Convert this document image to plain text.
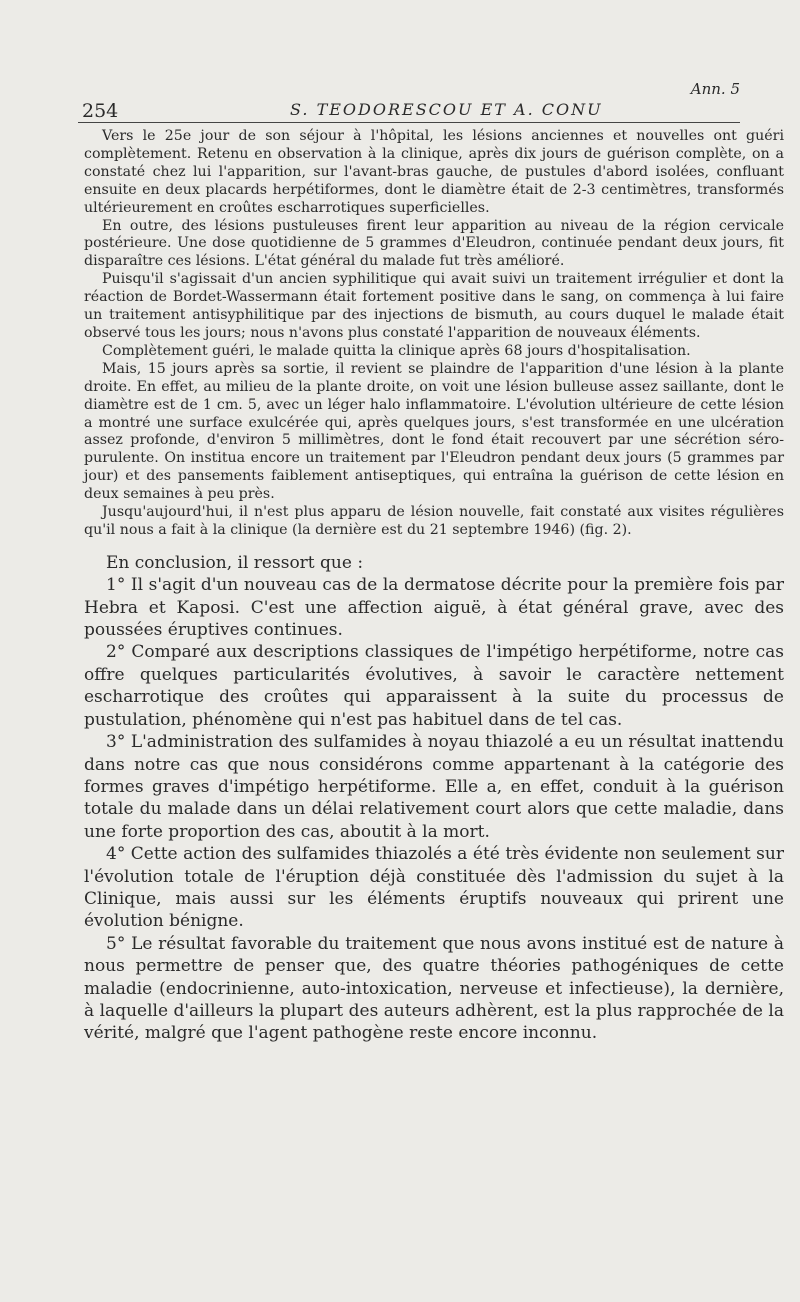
Ann. 5
254	S. TEODORESCOU ET A. CONU

Vers le 25e jour de son séjour à l'hôpital, les lésions anciennes et nouvelles ont guéri complètement. Retenu en observation à la clinique, après dix jours de guérison complète, on a constaté chez lui l'apparition, sur l'avant-bras gauche, de pustules d'abord isolées, confluant ensuite en deux placards herpétiformes, dont le diamètre était de 2-3 centimètres, transformés ultérieurement en croûtes escharrotiques superficielles.

En outre, des lésions pustuleuses firent leur apparition au niveau de la région cervicale postérieure. Une dose quotidienne de 5 grammes d'Eleudron, continuée pendant deux jours, fit disparaître ces lésions. L'état général du malade fut très amélioré.

Puisqu'il s'agissait d'un ancien syphilitique qui avait suivi un traitement irrégulier et dont la réaction de Bordet-Wassermann était fortement positive dans le sang, on commença à lui faire un traitement antisyphilitique par des injections de bismuth, au cours duquel le malade était observé tous les jours; nous n'avons plus constaté l'apparition de nouveaux éléments.

Complètement guéri, le malade quitta la clinique après 68 jours d'hospitalisation.

Mais, 15 jours après sa sortie, il revient se plaindre de l'apparition d'une lésion à la plante droite. En effet, au milieu de la plante droite, on voit une lésion bulleuse assez saillante, dont le diamètre est de 1 cm. 5, avec un léger halo inflammatoire. L'évolution ultérieure de cette lésion a montré une surface exulcérée qui, après quelques jours, s'est transformée en une ulcération assez profonde, d'environ 5 millimètres, dont le fond était recouvert par une sécrétion séro-purulente. On institua encore un traitement par l'Eleudron pendant deux jours (5 grammes par jour) et des pansements faiblement antiseptiques, qui entraîna la guérison de cette lésion en deux semaines à peu près.

Jusqu'aujourd'hui, il n'est plus apparu de lésion nouvelle, fait constaté aux visites régulières qu'il nous a fait à la clinique (la dernière est du 21 septembre 1946) (fig. 2).

En conclusion, il ressort que :

1° Il s'agit d'un nouveau cas de la dermatose décrite pour la première fois par Hebra et Kaposi. C'est une affection aiguë, à état général grave, avec des poussées éruptives continues.

2° Comparé aux descriptions classiques de l'impétigo herpétiforme, notre cas offre quelques particularités évolutives, à savoir le caractère nettement escharrotique des croûtes qui apparaissent à la suite du processus de pustulation, phénomène qui n'est pas habituel dans de tel cas.

3° L'administration des sulfamides à noyau thiazolé a eu un résultat inattendu dans notre cas que nous considérons comme appartenant à la catégorie des formes graves d'impétigo herpétiforme. Elle a, en effet, conduit à la guérison totale du malade dans un délai relativement court alors que cette maladie, dans une forte proportion des cas, aboutit à la mort.

4° Cette action des sulfamides thiazolés a été très évidente non seulement sur l'évolution totale de l'éruption déjà constituée dès l'admission du sujet à la Clinique, mais aussi sur les éléments éruptifs nouveaux qui prirent une évolution bénigne.

5° Le résultat favorable du traitement que nous avons institué est de nature à nous permettre de penser que, des quatre théories pathogéniques de cette maladie (endocrinienne, auto-intoxication, nerveuse et infectieuse), la dernière, à laquelle d'ailleurs la plupart des auteurs adhèrent, est la plus rapprochée de la vérité, malgré que l'agent pathogène reste encore inconnu.
